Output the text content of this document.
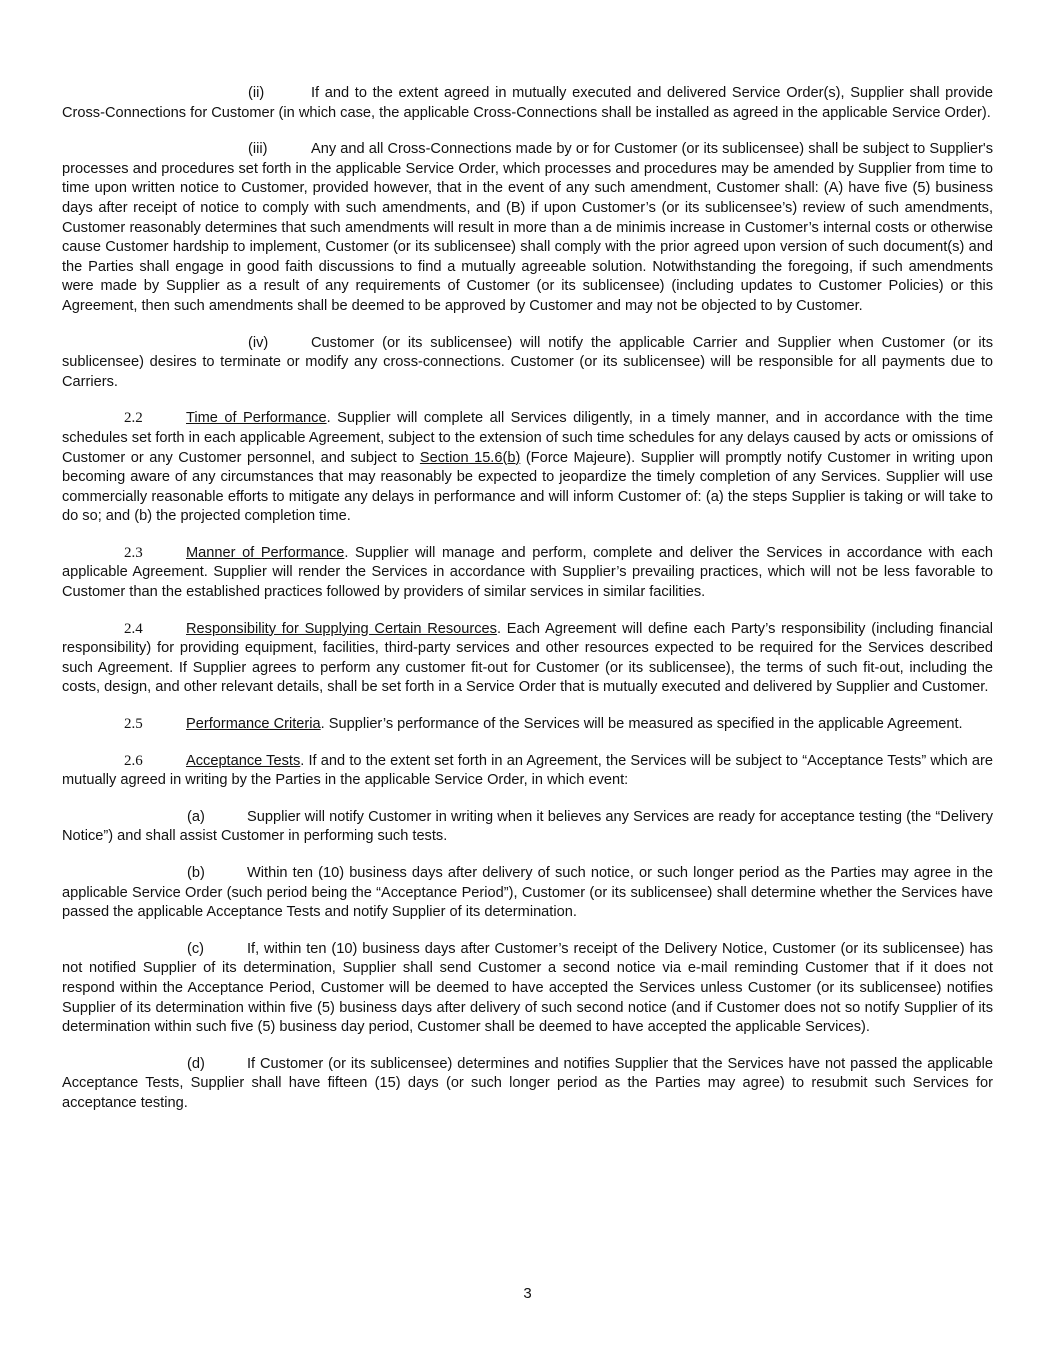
(ii)	If and to the extent agreed in mutually executed and delivered Service Order(s), Supplier shall provide Cross-Connections for Customer (in which case, the applicable Cross-Connections shall be installed as agreed in the applicable Service Order).

(iii)	Any and all Cross-Connections made by or for Customer (or its sublicensee) shall be subject to Supplier's processes and procedures set forth in the applicable Service Order, which processes and procedures may be amended by Supplier from time to time upon written notice to Customer, provided however, that in the event of any such amendment, Customer shall: (A) have five (5) business days after receipt of notice to comply with such amendments, and (B) if upon Customer’s (or its sublicensee’s) review of such amendments, Customer reasonably determines that such amendments will result in more than a de minimis increase in Customer’s internal costs or otherwise cause Customer hardship to implement, Customer (or its sublicensee) shall comply with the prior agreed upon version of such document(s) and the Parties shall engage in good faith discussions to find a mutually agreeable solution. Notwithstanding the foregoing, if such amendments were made by Supplier as a result of any requirements of Customer (or its sublicensee) (including updates to Customer Policies) or this Agreement, then such amendments shall be deemed to be approved by Customer and may not be objected to by Customer.

(iv)	Customer (or its sublicensee) will notify the applicable Carrier and Supplier when Customer (or its sublicensee) desires to terminate or modify any cross-connections. Customer (or its sublicensee) will be responsible for all payments due to Carriers.

2.2	Time of Performance. Supplier will complete all Services diligently, in a timely manner, and in accordance with the time schedules set forth in each applicable Agreement, subject to the extension of such time schedules for any delays caused by acts or omissions of Customer or any Customer personnel, and subject to Section 15.6(b) (Force Majeure). Supplier will promptly notify Customer in writing upon becoming aware of any circumstances that may reasonably be expected to jeopardize the timely completion of any Services. Supplier will use commercially reasonable efforts to mitigate any delays in performance and will inform Customer of: (a) the steps Supplier is taking or will take to do so; and (b) the projected completion time.

2.3	Manner of Performance. Supplier will manage and perform, complete and deliver the Services in accordance with each applicable Agreement. Supplier will render the Services in accordance with Supplier’s prevailing practices, which will not be less favorable to Customer than the established practices followed by providers of similar services in similar facilities.

2.4	Responsibility for Supplying Certain Resources. Each Agreement will define each Party’s responsibility (including financial responsibility) for providing equipment, facilities, third-party services and other resources expected to be required for the Services described such Agreement. If Supplier agrees to perform any customer fit-out for Customer (or its sublicensee), the terms of such fit-out, including the costs, design, and other relevant details, shall be set forth in a Service Order that is mutually executed and delivered by Supplier and Customer.

2.5	Performance Criteria. Supplier’s performance of the Services will be measured as specified in the applicable Agreement.

2.6	Acceptance Tests. If and to the extent set forth in an Agreement, the Services will be subject to “Acceptance Tests” which are mutually agreed in writing by the Parties in the applicable Service Order, in which event:

(a)	Supplier will notify Customer in writing when it believes any Services are ready for acceptance testing (the “Delivery Notice”) and shall assist Customer in performing such tests.

(b)	Within ten (10) business days after delivery of such notice, or such longer period as the Parties may agree in the applicable Service Order (such period being the “Acceptance Period”), Customer (or its sublicensee) shall determine whether the Services have passed the applicable Acceptance Tests and notify Supplier of its determination.

(c)	If, within ten (10) business days after Customer’s receipt of the Delivery Notice, Customer (or its sublicensee) has not notified Supplier of its determination, Supplier shall send Customer a second notice via e-mail reminding Customer that if it does not respond within the Acceptance Period, Customer will be deemed to have accepted the Services unless Customer (or its sublicensee) notifies Supplier of its determination within five (5) business days after delivery of such second notice (and if Customer does not so notify Supplier of its determination within such five (5) business day period, Customer shall be deemed to have accepted the applicable Services).

(d)	If Customer (or its sublicensee) determines and notifies Supplier that the Services have not passed the applicable Acceptance Tests, Supplier shall have fifteen (15) days (or such longer period as the Parties may agree) to resubmit such Services for acceptance testing.

3
